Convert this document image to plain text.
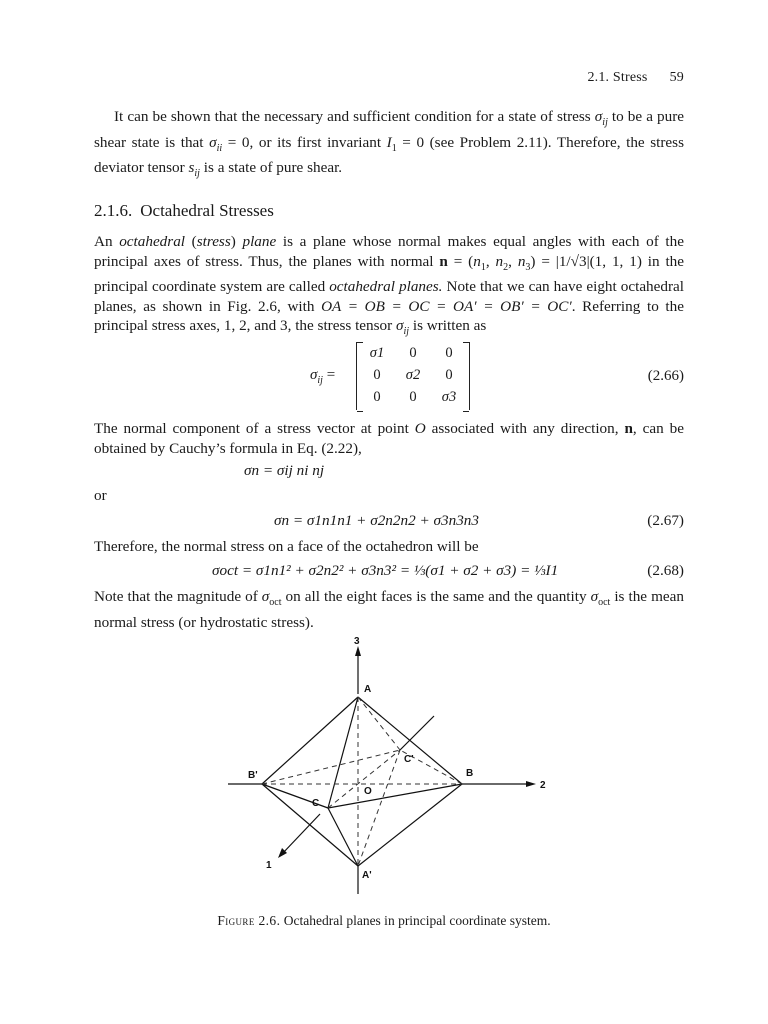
2.1. Stress 59
It can be shown that the necessary and sufficient condition for a state of stress $\sigma_{ij}$ to be a pure shear state is that $\sigma_{ii} = 0$, or its first invariant $I_1 = 0$ (see Problem 2.11). Therefore, the stress deviator tensor $s_{ij}$ is a state of pure shear.
2.1.6. Octahedral Stresses
An octahedral (stress) plane is a plane whose normal makes equal angles with each of the principal axes of stress. Thus, the planes with normal $n = (n_1$, $n_2$, $n_3) = |1/√3|(1$, 1, 1) in the principal coordinate system are called octahedral planes. Note that we can have eight octahedral planes, as shown in Fig. 2.6, with OA = OB = OC = OA′ = OB′ = OC′. Referring to the principal stress axes, 1, 2, and 3, the stress tensor $\sigma_{ij}$ is written as
$\sigma_{ij}$ =
σ1	0	0
0	σ2	0
0	0	σ3
(2.66)
The normal component of a stress vector at point O associated with any direction, n, can be obtained by Cauchy’s formula in Eq. (2.22),
σn = σij ni nj
or
σn = σ1n1n1 + σ2n2n2 + σ3n3n3	(2.67)
Therefore, the normal stress on a face of the octahedron will be
σoct = σ1n1² + σ2n2² + σ3n3² = ⅓(σ1 + σ2 + σ3) = ⅓I1	(2.68)
Note that the magnitude of $\sigma_{oct}$ on all the eight faces is the same and the quantity $\sigma_{oct}$ is the mean normal stress (or hydrostatic stress).
3
2
1
A
B
B'
C
C'
O
A'
Figure 2.6. Octahedral planes in principal coordinate system.
